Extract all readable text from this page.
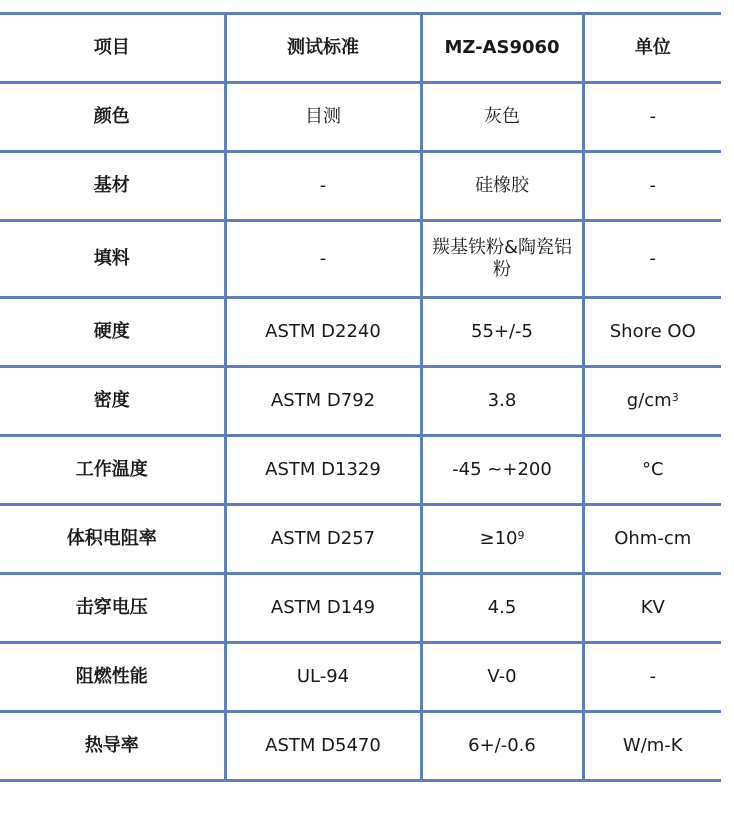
项目	测试标准	MZ-AS9060	单位
颜色	目测	灰色	-
基材	-	硅橡胶	-
填料	-	羰基铁粉&陶瓷铝粉	-
硬度	ASTM D2240	55+/-5	Shore OO
密度	ASTM D792	3.8	$g/cm^3$
工作温度	ASTM D1329	-45 ~+200	°C
体积电阻率	ASTM D257	$\ge 10^9$	Ohm-cm
击穿电压	ASTM D149	4.5	KV
阻燃性能	UL-94	V-0	-
热导率	ASTM D5470	6+/-0.6	W/m-K
